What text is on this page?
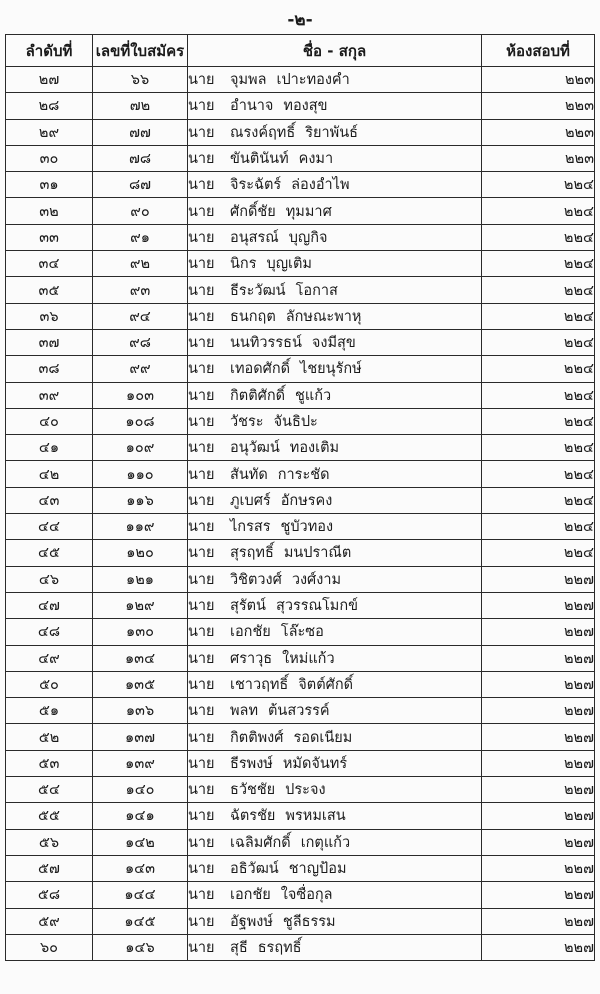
-๒-
ลำดับที่	เลขที่ใบสมัคร	ชื่อ - สกุล	ห้องสอบที่
๒๗	๖๖	นาย จุมพล เปาะทองคำ	๒๒๓
๒๘	๗๒	นาย อำนาจ ทองสุข	๒๒๓
๒๙	๗๗	นาย ณรงค์ฤทธิ์ ริยาพันธ์	๒๒๓
๓๐	๗๘	นาย ขันตินันท์ คงมา	๒๒๓
๓๑	๘๗	นาย จิระฉัตร์ ล่องอำไพ	๒๒๔
๓๒	๙๐	นาย ศักดิ์ชัย ทุมมาศ	๒๒๔
๓๓	๙๑	นาย อนุสรณ์ บุญกิจ	๒๒๔
๓๔	๙๒	นาย นิกร บุญเติม	๒๒๔
๓๕	๙๓	นาย ธีระวัฒน์ โอกาส	๒๒๔
๓๖	๙๔	นาย ธนกฤต ลักษณะพาหุ	๒๒๔
๓๗	๙๘	นาย นนทิวรรธน์ จงมีสุข	๒๒๔
๓๘	๙๙	นาย เทอดศักดิ์ ไชยนุรักษ์	๒๒๔
๓๙	๑๐๓	นาย กิตติศักดิ์ ชูแก้ว	๒๒๔
๔๐	๑๐๘	นาย วัชระ จันธิปะ	๒๒๔
๔๑	๑๐๙	นาย อนุวัฒน์ ทองเติม	๒๒๔
๔๒	๑๑๐	นาย สันทัด การะชัด	๒๒๔
๔๓	๑๑๖	นาย ภูเบศร์ อักษรคง	๒๒๔
๔๔	๑๑๙	นาย ไกรสร ชูบัวทอง	๒๒๔
๔๕	๑๒๐	นาย สุรฤทธิ์ มนปราณีต	๒๒๔
๔๖	๑๒๑	นาย วิชิตวงศ์ วงศ์งาม	๒๒๗
๔๗	๑๒๙	นาย สุรัตน์ สุวรรณโมกข์	๒๒๗
๔๘	๑๓๐	นาย เอกชัย โล๊ะซอ	๒๒๗
๔๙	๑๓๔	นาย ศราวุธ ใหม่แก้ว	๒๒๗
๕๐	๑๓๕	นาย เชาวฤทธิ์ จิตต์ศักดิ์	๒๒๗
๕๑	๑๓๖	นาย พลท ต้นสวรรค์	๒๒๗
๕๒	๑๓๗	นาย กิตติพงศ์ รอดเนียม	๒๒๗
๕๓	๑๓๙	นาย ธีรพงษ์ หมัดจันทร์	๒๒๗
๕๔	๑๔๐	นาย ธวัชชัย ประจง	๒๒๗
๕๕	๑๔๑	นาย ฉัตรชัย พรหมเสน	๒๒๗
๕๖	๑๔๒	นาย เฉลิมศักดิ์ เกตุแก้ว	๒๒๗
๕๗	๑๔๓	นาย อธิวัฒน์ ชาญป้อม	๒๒๗
๕๘	๑๔๔	นาย เอกชัย ใจซื่อกุล	๒๒๗
๕๙	๑๔๕	นาย อัฐพงษ์ ชูลีธรรม	๒๒๗
๖๐	๑๔๖	นาย สุธี ธรฤทธิ์	๒๒๗
